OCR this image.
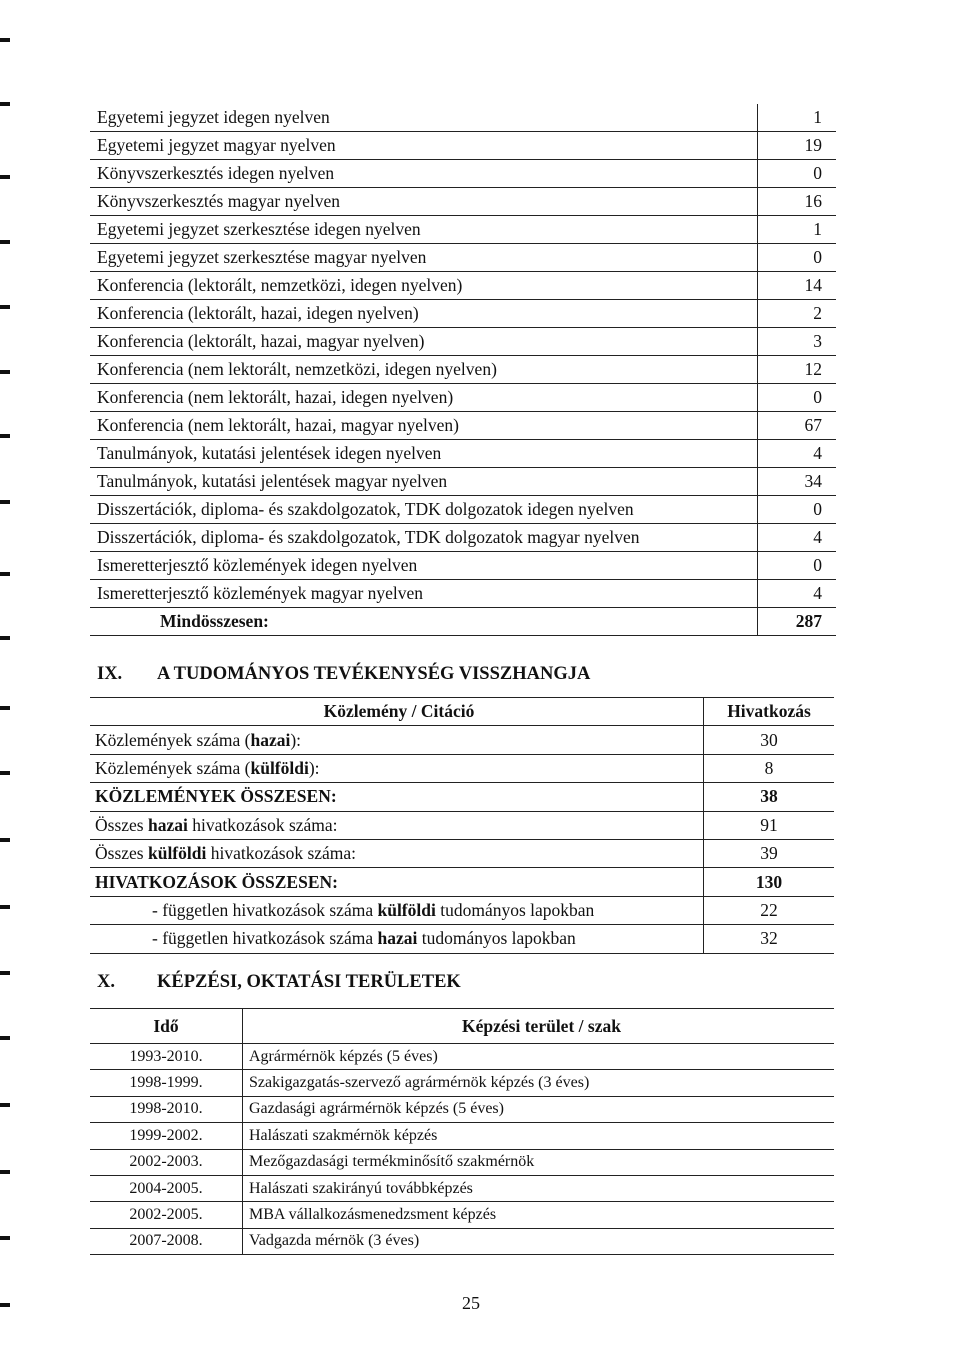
Egyetemi jegyzet idegen nyelven	1
Egyetemi jegyzet magyar nyelven	19
Könyvszerkesztés idegen nyelven	0
Könyvszerkesztés magyar nyelven	16
Egyetemi jegyzet szerkesztése idegen nyelven	1
Egyetemi jegyzet szerkesztése magyar nyelven	0
Konferencia (lektorált, nemzetközi, idegen nyelven)	14
Konferencia (lektorált, hazai, idegen nyelven)	2
Konferencia (lektorált, hazai, magyar nyelven)	3
Konferencia (nem lektorált, nemzetközi, idegen nyelven)	12
Konferencia (nem lektorált, hazai, idegen nyelven)	0
Konferencia (nem lektorált, hazai, magyar nyelven)	67
Tanulmányok, kutatási jelentések idegen nyelven	4
Tanulmányok, kutatási jelentések magyar nyelven	34
Disszertációk, diploma- és szakdolgozatok, TDK dolgozatok idegen nyelven	0
Disszertációk, diploma- és szakdolgozatok, TDK dolgozatok magyar nyelven	4
Ismeretterjesztő közlemények idegen nyelven	0
Ismeretterjesztő közlemények magyar nyelven	4
Mindösszesen:	287
IX. A TUDOMÁNYOS TEVÉKENYSÉG VISSZHANGJA
Közlemény / Citáció	Hivatkozás
Közlemények száma (hazai):	30
Közlemények száma (külföldi):	8
KÖZLEMÉNYEK ÖSSZESEN:	38
Összes hazai hivatkozások száma:	91
Összes külföldi hivatkozások száma:	39
HIVATKOZÁSOK ÖSSZESEN:	130
- független hivatkozások száma külföldi tudományos lapokban	22
- független hivatkozások száma hazai tudományos lapokban	32
X. KÉPZÉSI, OKTATÁSI TERÜLETEK
Idő	Képzési terület / szak
1993-2010.	Agrármérnök képzés (5 éves)
1998-1999.	Szakigazgatás-szervező agrármérnök képzés (3 éves)
1998-2010.	Gazdasági agrármérnök képzés (5 éves)
1999-2002.	Halászati szakmérnök képzés
2002-2003.	Mezőgazdasági termékminősítő szakmérnök
2004-2005.	Halászati szakirányú továbbképzés
2002-2005.	MBA vállalkozásmenedzsment képzés
2007-2008.	Vadgazda mérnök (3 éves)
25
